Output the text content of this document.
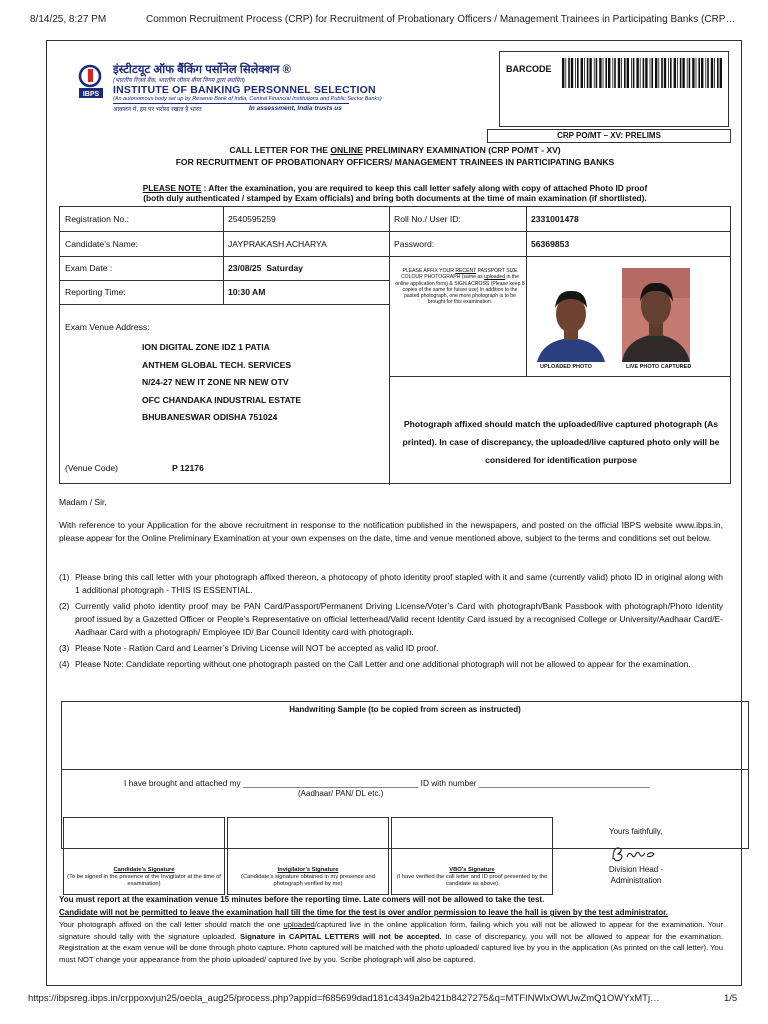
8/14/25, 8:27 PM	Common Recruitment Process (CRP) for Recruitment of Probationary Officers / Management Trainees in Participating Banks (CRP…
IBPS
इंस्टीटयूट ऑफ बैंकिंग पर्सोनेल सिलेक्शन ®
(भारतीय रिज़र्व बैंक, भारतीय जीवन बीमा निगम द्वारा स्थापित)
INSTITUTE OF BANKING PERSONNEL SELECTION
(An autonomous body set up by Reserve Bank of India, Central Financial Institutions and Public Sector Banks)
आकलन में, हम पर भरोसा रखता है भारत	In assessment, India trusts us
BARCODE
CRP PO/MT – XV: PRELIMS
CALL LETTER FOR THE ONLINE PRELIMINARY EXAMINATION (CRP PO/MT - XV)
FOR RECRUITMENT OF PROBATIONARY OFFICERS/ MANAGEMENT TRAINEES IN PARTICIPATING BANKS
PLEASE NOTE : After the examination, you are required to keep this call letter safely along with copy of attached Photo ID proof
(both duly authenticated / stamped by Exam officials) and bring both documents at the time of main examination (if shortlisted).
Registration No.:	2540595259	Roll No./ User ID:	2331001478
Candidate’s Name:	JAYPRAKASH ACHARYA	Password:	56369853
Exam Date :	23/08/25
Saturday
Reporting Time:	10:30 AM
Exam Venue Address:
ION DIGITAL ZONE IDZ 1 PATIA
ANTHEM GLOBAL TECH. SERVICES
N/24-27 NEW IT ZONE NR NEW OTV
OFC CHANDAKA INDUSTRIAL ESTATE
BHUBANESWAR ODISHA 751024
(Venue Code)	P 12176
PLEASE AFFIX YOUR RECENT PASSPORT SIZE COLOUR PHOTOGRAPH (same as uploaded in the online application form) & SIGN ACROSS (Please keep 8 copies of the same for future use) In addition to the pasted photograph, one more photograph is to be brought for this examination.
UPLOADED PHOTO	LIVE PHOTO CAPTURED
Photograph affixed should match the uploaded/live captured photograph (As printed). In case of discrepancy, the uploaded/live captured photo only will be considered for identification purpose
Madam / Sir,
With reference to your Application for the above recruitment in response to the notification published in the newspapers, and posted on the official IBPS website www.ibps.in, please appear for the Online Preliminary Examination at your own expenses on the date, time and venue mentioned above, subject to the terms and conditions set out below.
(1) Please bring this call letter with your photograph affixed thereon, a photocopy of photo identity proof stapled with it and same (currently valid) photo ID in original along with 1 additional photograph - THIS IS ESSENTIAL.
(2) Currently valid photo identity proof may be PAN Card/Passport/Permanent Driving License/Voter’s Card with photograph/Bank Passbook with photograph/Photo Identity proof issued by a Gazetted Officer or People’s Representative on official letterhead/Valid recent Identity Card issued by a recognised College or University/Aadhaar Card/E-Aadhaar Card with a photograph/ Employee ID/ Bar Council Identity card with photograph.
(3) Please Note - Ration Card and Learner’s Driving License will NOT be accepted as valid ID proof.
(4) Please Note: Candidate reporting without one photograph pasted on the Call Letter and one additional photograph will not be allowed to appear for the examination.
Handwriting Sample (to be copied from screen as instructed)
I have brought and attached my ______________________________________ ID with number _____________________________________
(Aadhaar/ PAN/ DL etc.)
Candidate’s Signature
(To be signed in the presence of the Invigilator at the time of examination)
Invigilator’s Signature
(Candidate’s signature obtained in my presence and photograph verified by me)
VBO’s Signature
(I have verified the call letter and ID proof presented by the candidate as above)
Yours faithfully,
Division Head -
Administration
You must report at the examination venue 15 minutes before the reporting time. Late comers will not be allowed to take the test.
Candidate will not be permitted to leave the examination hall till the time for the test is over and/or permission to leave the hall is given by the test administrator.
Your photograph affixed on the call letter should match the one uploaded/captured live in the online application form, failing which you will not be allowed to appear for the examination. Your signature should tally with the signature uploaded. Signature in CAPITAL LETTERS will not be accepted. In case of discrepancy, you will not be allowed to appear for the examination. Registration at the exam venue will be done through photo capture. Photo captured will be matched with the photo uploaded/ captured live by you in the application (As printed on the call letter). You must NOT change your appearance from the photo uploaded/ captured live by you. Scribe photograph will also be captured.
https://ibpsreg.ibps.in/crppoxvjun25/oecla_aug25/process.php?appid=f685699dad181c4349a2b421b8427275&q=MTFINWlxOWUwZmQ1OWYxMTj…	1/5
